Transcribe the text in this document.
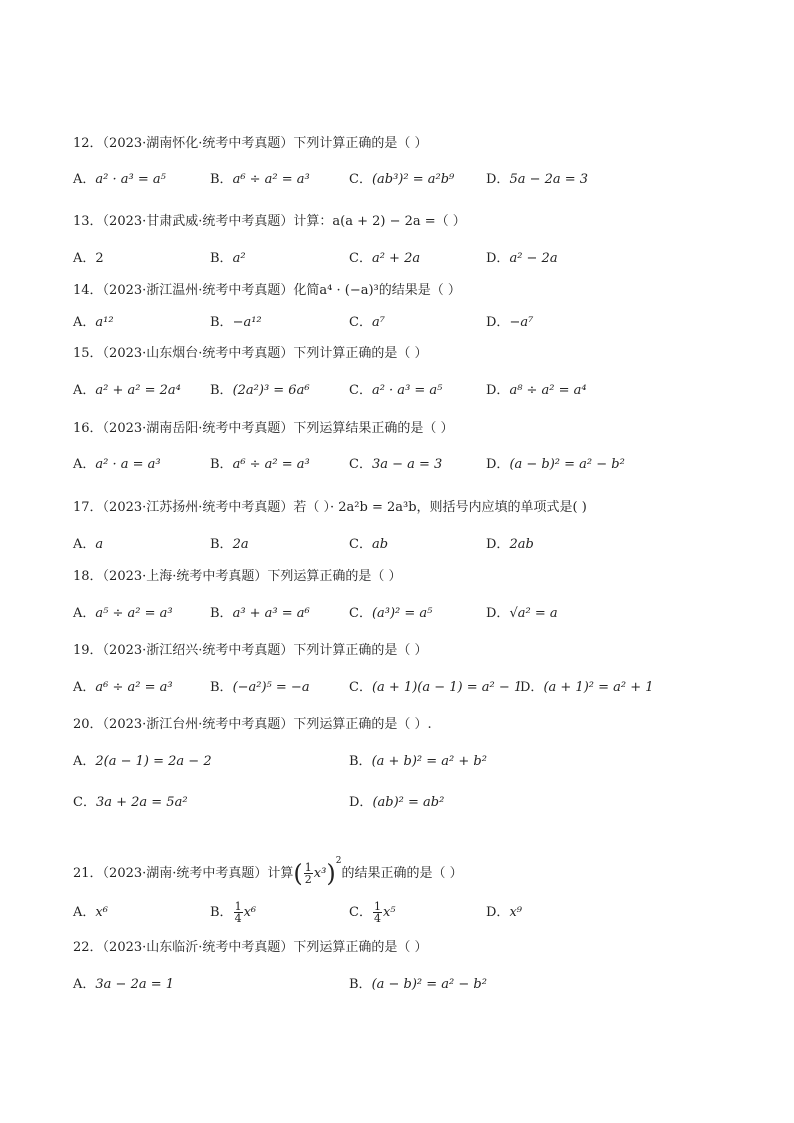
12．（2023·湖南怀化·统考中考真题）下列计算正确的是（ ）
A．a² · a³ = a⁵	B．a⁶ ÷ a² = a³	C．(ab³)² = a²b⁹ D．5a − 2a = 3
13．（2023·甘肃武威·统考中考真题）计算：a(a + 2) − 2a =（ ）
A．2	B．a²	C．a² + 2a	D．a² − 2a
14．（2023·浙江温州·统考中考真题）化简a⁴ · (−a)³的结果是（ ）
A．a¹²	B．−a¹²	C．a⁷	D．−a⁷
15．（2023·山东烟台·统考中考真题）下列计算正确的是（ ）
A．a² + a² = 2a⁴ B．(2a²)³ = 6a⁶	C．a² · a³ = a⁵	D．a⁸ ÷ a² = a⁴
16．（2023·湖南岳阳·统考中考真题）下列运算结果正确的是（ ）
A．a² · a = a³	B．a⁶ ÷ a² = a³	C．3a − a = 3	D．(a − b)² = a² − b²
17．（2023·江苏扬州·统考中考真题）若（ ）· 2a²b = 2a³b，则括号内应填的单项式是( )
A．a	B．2a	C．ab	D．2ab
18．（2023·上海·统考中考真题）下列运算正确的是（ ）
A．a⁵ ÷ a² = a³	B．a³ + a³ = a⁶	C．(a³)² = a⁵	D．√a² = a
19．（2023·浙江绍兴·统考中考真题）下列计算正确的是（ ）
A．a⁶ ÷ a² = a³	B．(−a²)⁵ = −a	C．(a + 1)(a − 1) = a² − 1
D．(a + 1)² = a² + 1
20．（2023·浙江台州·统考中考真题）下列运算正确的是（ ）.
A．2(a − 1) = 2a − 2	B．(a + b)² = a² + b²
C．3a + 2a = 5a²	D．(ab)² = ab²
21．（2023·湖南·统考中考真题）计算( $\frac{1}{2} x^3)^2$的结果正确的是（ ）
A．x⁶	B． $\frac{1}{4} x^6$	C． $\frac{1}{4} x^5$	D．x⁹
22．（2023·山东临沂·统考中考真题）下列运算正确的是（ ）
A．3a − 2a = 1	B．(a − b)² = a² − b²
